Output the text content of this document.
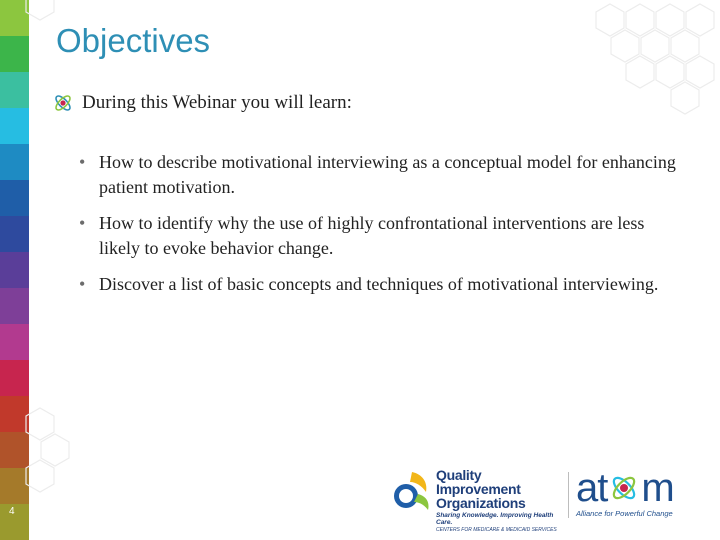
Objectives
During this Webinar you will learn:
• How to describe motivational interviewing as a conceptual model for enhancing patient motivation.
• How to identify why the use of highly confrontational interventions are less likely to evoke behavior change.
• Discover a list of basic concepts and techniques of motivational interviewing.
4
Quality Improvement
Organizations
Sharing Knowledge. Improving Health Care.
CENTERS FOR MEDICARE & MEDICAID SERVICES
at m
Alliance for Powerful Change
